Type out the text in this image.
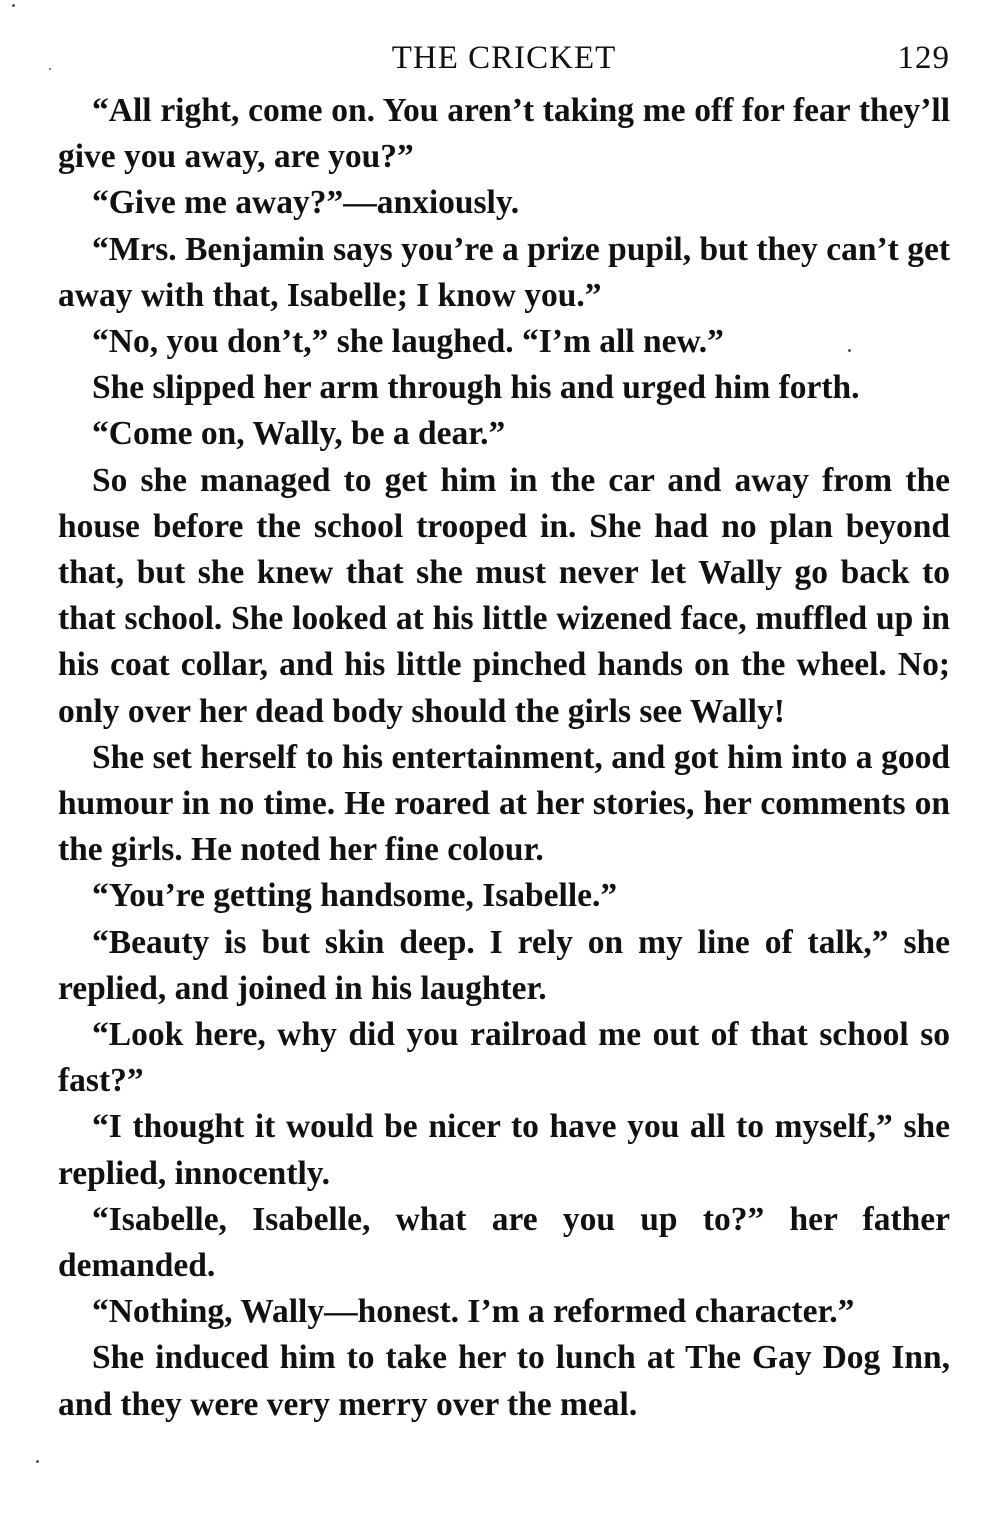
THE CRICKET	129

“All right, come on. You aren’t taking me off for fear they’ll give you away, are you?”

“Give me away?”—anxiously.

“Mrs. Benjamin says you’re a prize pupil, but they can’t get away with that, Isabelle; I know you.”

“No, you don’t,” she laughed. “I’m all new.”

She slipped her arm through his and urged him forth.

“Come on, Wally, be a dear.”

So she managed to get him in the car and away from the house before the school trooped in. She had no plan beyond that, but she knew that she must never let Wally go back to that school. She looked at his little wizened face, muffled up in his coat collar, and his little pinched hands on the wheel. No; only over her dead body should the girls see Wally!

She set herself to his entertainment, and got him into a good humour in no time. He roared at her stories, her comments on the girls. He noted her fine colour.

“You’re getting handsome, Isabelle.”

“Beauty is but skin deep. I rely on my line of talk,” she replied, and joined in his laughter.

“Look here, why did you railroad me out of that school so fast?”

“I thought it would be nicer to have you all to myself,” she replied, innocently.

“Isabelle, Isabelle, what are you up to?” her father demanded.

“Nothing, Wally—honest. I’m a reformed character.”

She induced him to take her to lunch at The Gay Dog Inn, and they were very merry over the meal.
